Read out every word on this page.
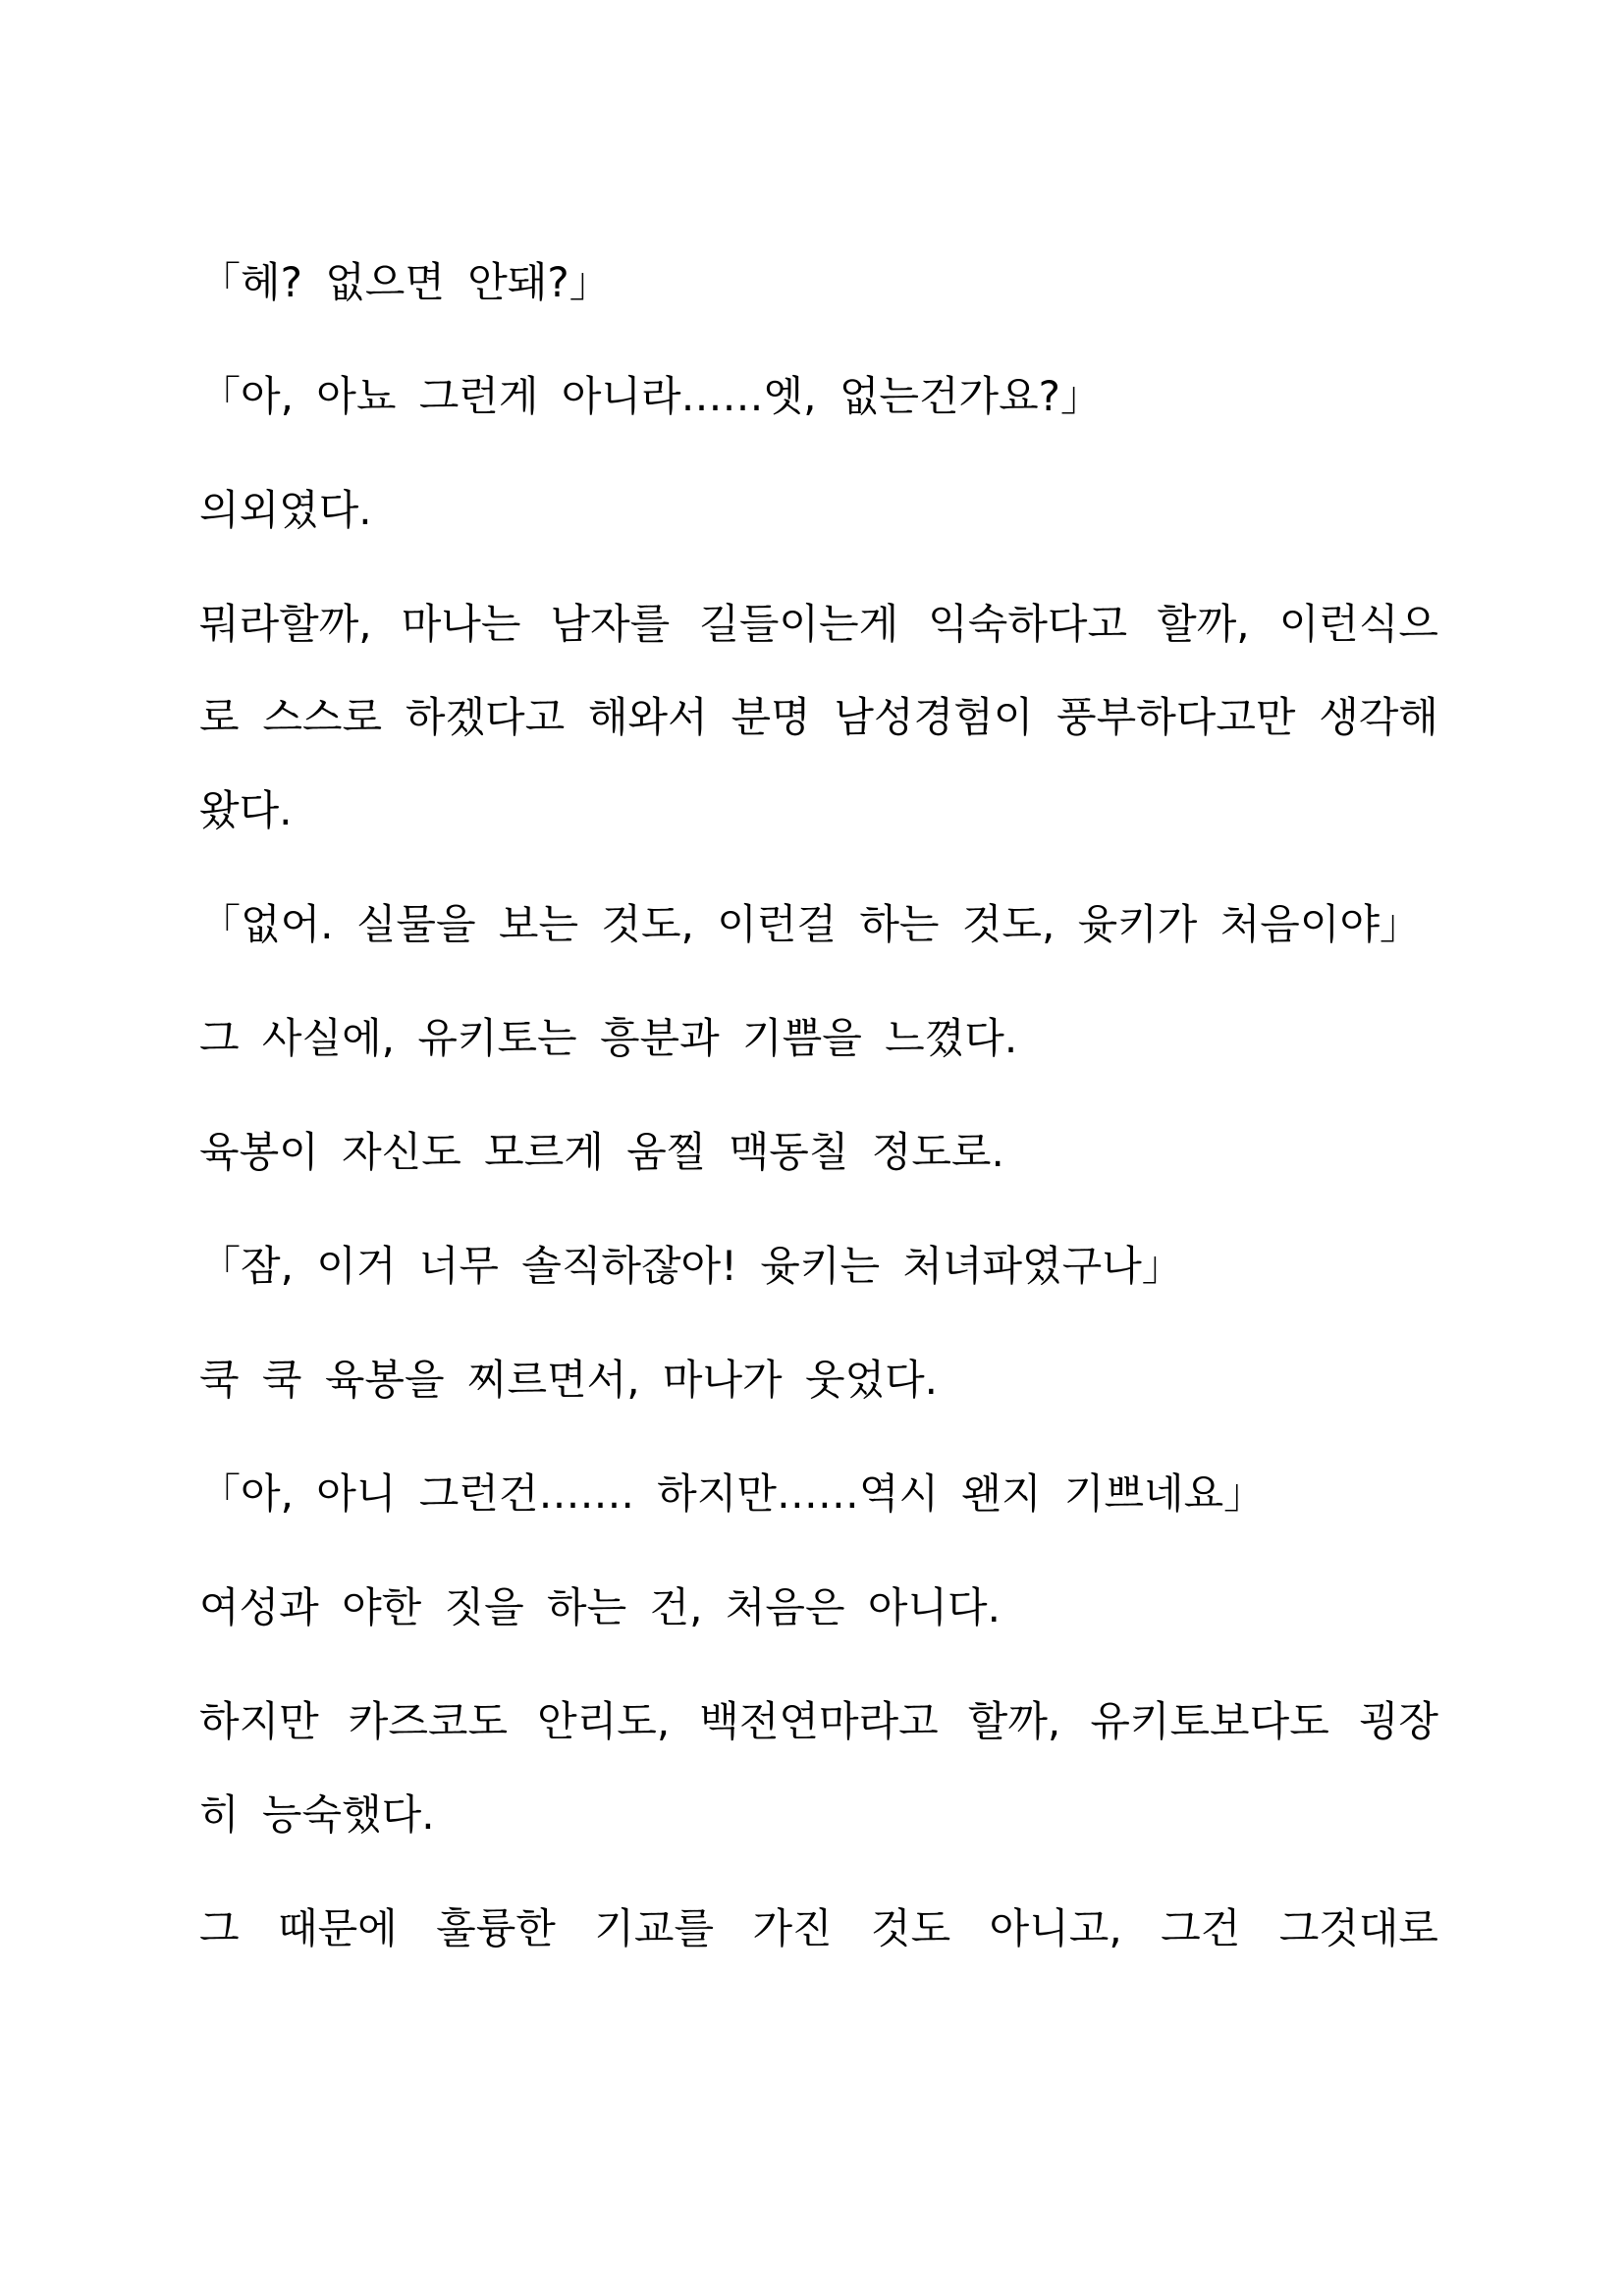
「헤? 없으면 안돼?」

「아, 아뇨 그런게 아니라……엣, 없는건가요?」

의외였다.

뭐라할까, 마나는 남자를 길들이는게 익숙하다고 할까, 이런식으로 스스로 하겠다고 해와서 분명 남성경험이 풍부하다고만 생각해왔다.

「없어. 실물을 보는 것도, 이런걸 하는 것도, 윳키가 처음이야」

그 사실에, 유키토는 흥분과 기쁨을 느꼈다.

육봉이 자신도 모르게 움찔 맥동칠 정도로.

「잠, 이거 너무 솔직하잖아! 윳키는 처녀파였구나」

쿡 쿡 육봉을 찌르면서, 마나가 웃었다.

「아, 아니 그런건……. 하지만……역시 왠지 기쁘네요」

여성과 야한 짓을 하는 건, 처음은 아니다.

하지만 카즈코도 안리도, 백전연마라고 할까, 유키토보다도 굉장히 능숙했다.

그 때문에 훌륭한 기교를 가진 것도 아니고, 그건 그것대로
